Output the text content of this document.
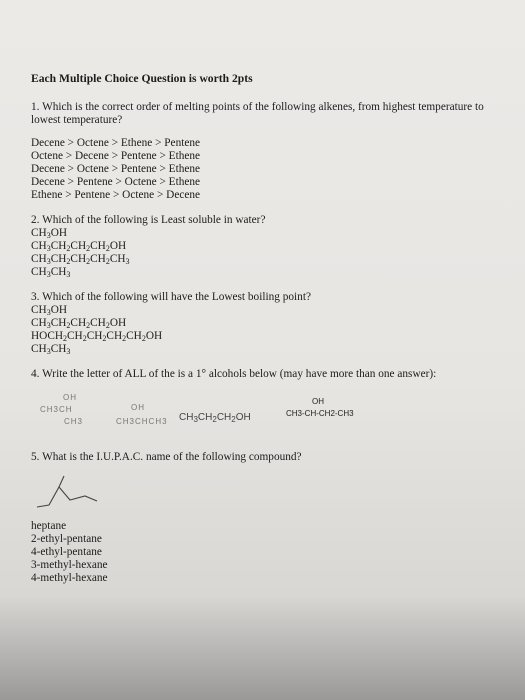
Each Multiple Choice Question is worth 2pts

1. Which is the correct order of melting points of the following alkenes, from highest temperature to lowest temperature?

Decene > Octene > Ethene > Pentene
Octene > Decene > Pentene > Ethene
Decene > Octene > Pentene > Ethene
Decene > Pentene > Octene > Ethene
Ethene > Pentene > Octene > Decene

2. Which of the following is Least soluble in water?

$CH_3OH$
$CH_3CH_2CH_2CH_2OH$
$CH_3CH_2CH_2CH_2CH_3$
$CH_3CH_3$

3. Which of the following will have the Lowest boiling point?

$CH_3OH$
$CH_3CH_2CH_2CH_2OH$
$HOCH_2CH_2CH_2CH_2CH_2OH$
$CH_3CH_3$

4. Write the letter of ALL of the is a 1° alcohols below (may have more than one answer):

OH
CH3CH
CH3
OH
CH3CHCH3 $CH_3CH_2CH_2OH$
OH
CH3-CH-CH2-CH3

5. What is the I.U.P.A.C. name of the following compound?

heptane
2-ethyl-pentane
4-ethyl-pentane
3-methyl-hexane
4-methyl-hexane
